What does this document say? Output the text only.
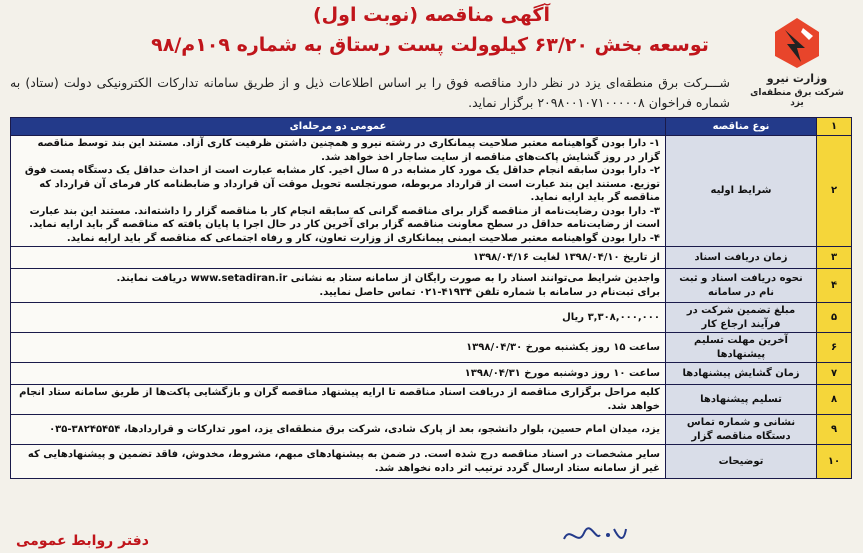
آگهی مناقصه (نوبت اول)
توسعه بخش ۶۳/۲۰ کیلوولت پست رستاق به شماره ۱۰۹م/۹۸
وزارت نیرو
شرکت برق منطقه‌ای یزد
شـــرکت برق منطقه‌ای یزد در نظر دارد مناقصه فوق را بر اساس اطلاعات ذیل و از طریق سامانه تدارکات الکترونیکی دولت (ستاد) به شماره فراخوان ۲۰۹۸۰۰۱۰۷۱۰۰۰۰۰۸ برگزار نماید.
۱	نوع مناقصه	عمومی دو مرحله‌ای

۲	شرایط اولیه	۱- دارا بودن گواهینامه معتبر صلاحیت پیمانکاری در رشته نیرو و همچنین داشتن ظرفیت کاری آزاد. مستند این بند توسط مناقصه گزار در روز گشایش پاکت‌های مناقصه از سایت ساجار اخذ خواهد شد.
۲- دارا بودن سابقه انجام حداقل یک مورد کار مشابه در ۵ سال اخیر. کار مشابه عبارت است از احداث حداقل یک دستگاه پست فوق توزیع. مستند این بند عبارت است از قرارداد مربوطه، صورتجلسه تحویل موقت آن قرارداد و ضابطنامه کار فرمای آن قرارداد که مناقصه گر باید ارایه نماید.
۳- دارا بودن رضایت‌نامه از مناقصه گزار برای مناقصه گرانی که سابقه انجام کار با مناقصه گزار را داشته‌اند. مستند این بند عبارت است از رضایت‌نامه حداقل در سطح معاونت مناقصه گزار برای آخرین کار در حال اجرا یا پایان یافته که مناقصه گر باید ارایه نماید.
۴- دارا بودن گواهینامه معتبر صلاحیت ایمنی پیمانکاری از وزارت تعاون، کار و رفاه اجتماعی که مناقصه گر باید ارایه نماید.

۳	زمان دریافت اسناد	از تاریخ ۱۳۹۸/۰۴/۱۰ لغایت ۱۳۹۸/۰۴/۱۶

۴	نحوه دریافت اسناد و ثبت نام در سامانه	واجدین شرایط می‌توانند اسناد را به صورت رایگان از سامانه ستاد به نشانی www.setadiran.ir دریافت نمایند.
برای ثبت‌نام در سامانه با شماره تلفن ۴۱۹۳۴-۰۲۱ تماس حاصل نمایید.

۵	مبلغ تضمین شرکت در فرآیند ارجاع کار	۳,۳۰۸,۰۰۰,۰۰۰ ریال

۶	آخرین مهلت تسلیم پیشنهادها	ساعت ۱۵ روز یکشنبه مورخ ۱۳۹۸/۰۴/۳۰

۷	زمان گشایش پیشنهادها	ساعت ۱۰ روز دوشنبه مورخ ۱۳۹۸/۰۴/۳۱

۸	تسلیم پیشنهادها	کلیه مراحل برگزاری مناقصه از دریافت اسناد مناقصه تا ارایه پیشنهاد مناقصه گران و بازگشایی پاکت‌ها از طریق سامانه ستاد انجام خواهد شد.

۹	نشانی و شماره تماس دستگاه مناقصه گزار	یزد، میدان امام حسین، بلوار دانشجو، بعد از پارک شادی، شرکت برق منطقه‌ای یزد، امور تدارکات و قراردادها، ۳۸۲۴۵۴۵۴-۰۳۵

۱۰	توضیحات	سایر مشخصات در اسناد مناقصه درج شده است. در ضمن به پیشنهادهای مبهم، مشروط، مخدوش، فاقد تضمین و پیشنهادهایی که غیر از سامانه ستاد ارسال گردد ترتیب اثر داده نخواهد شد.
دفتر روابط عمومی
